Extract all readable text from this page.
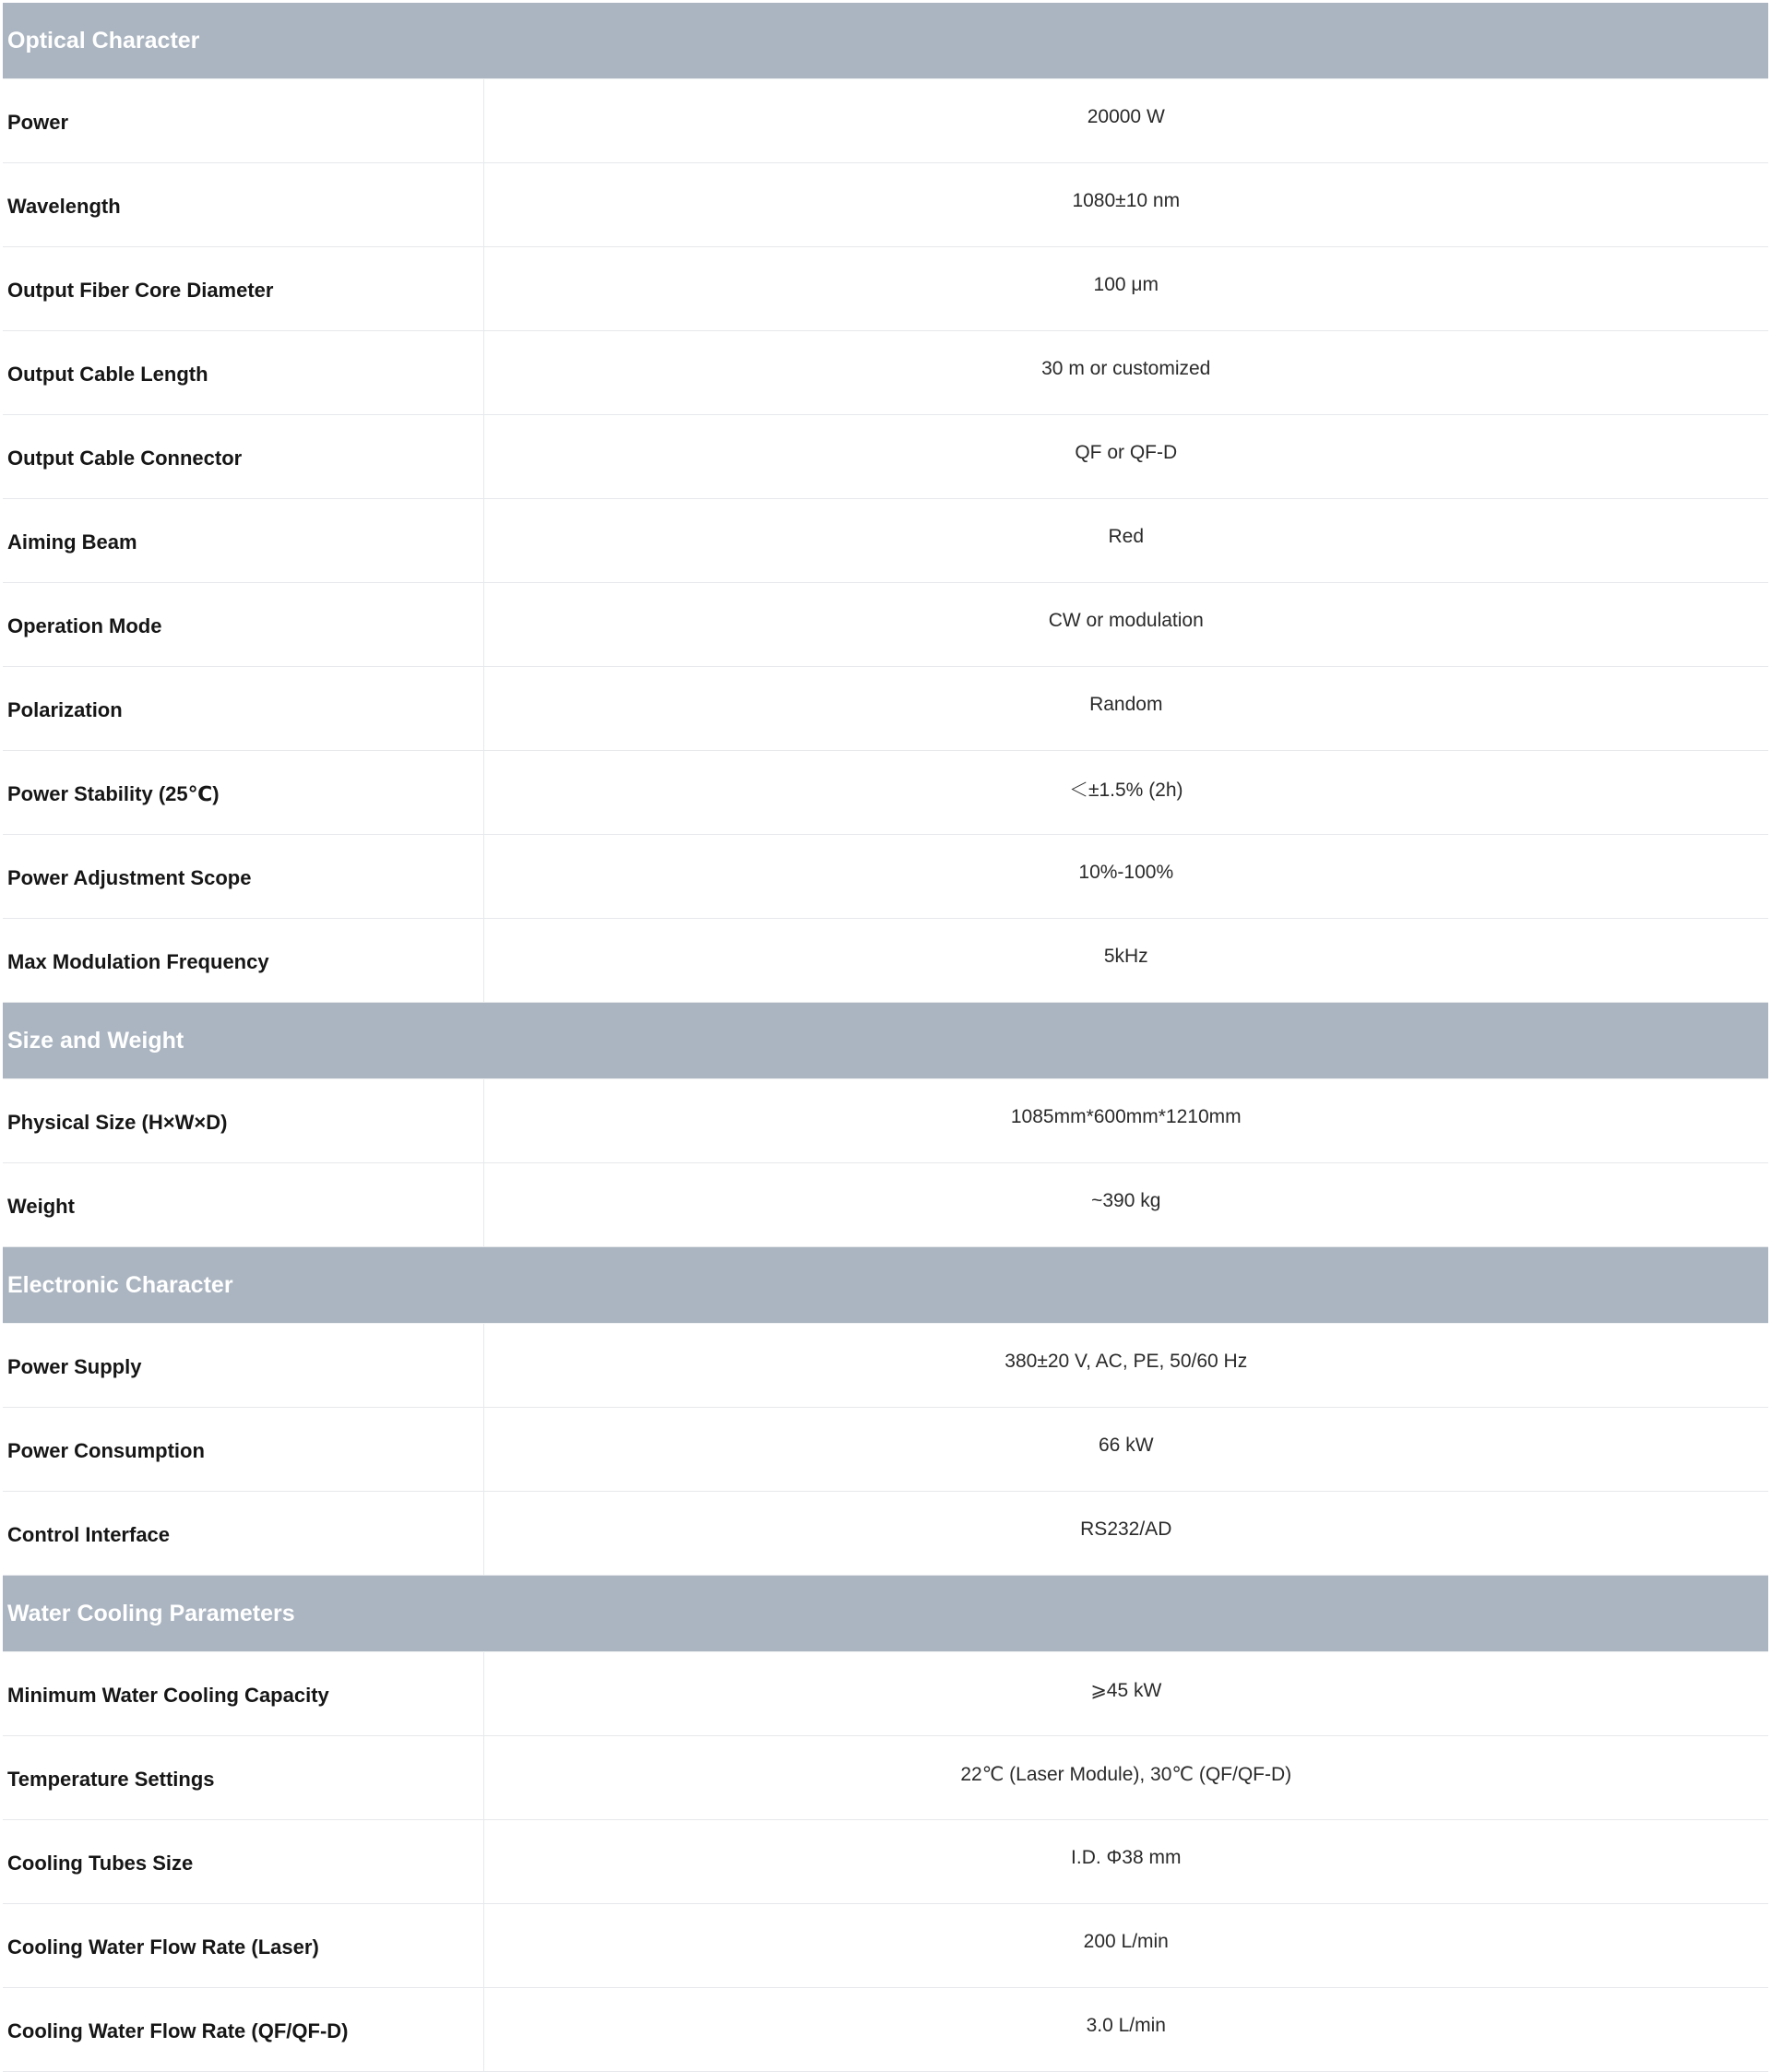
Optical Character	
Power	20000 W
Wavelength	1080±10 nm
Output Fiber Core Diameter	100 μm
Output Cable Length	30 m or customized
Output Cable Connector	QF or QF-D
Aiming Beam	Red
Operation Mode	CW or modulation
Polarization	Random
Power Stability (25℃)	＜±1.5% (2h)
Power Adjustment Scope	10%-100%
Max Modulation Frequency	5kHz
Size and Weight	
Physical Size (H×W×D)	1085mm*600mm*1210mm
Weight	~390 kg
Electronic Character	
Power Supply	380±20 V, AC, PE, 50/60 Hz
Power Consumption	66 kW
Control Interface	RS232/AD
Water Cooling Parameters	
Minimum Water Cooling Capacity	⩾45 kW
Temperature Settings	22℃ (Laser Module), 30℃ (QF/QF-D)
Cooling Tubes Size	I.D. Φ38 mm
Cooling Water Flow Rate (Laser)	200 L/min
Cooling Water Flow Rate (QF/QF-D)	3.0 L/min
